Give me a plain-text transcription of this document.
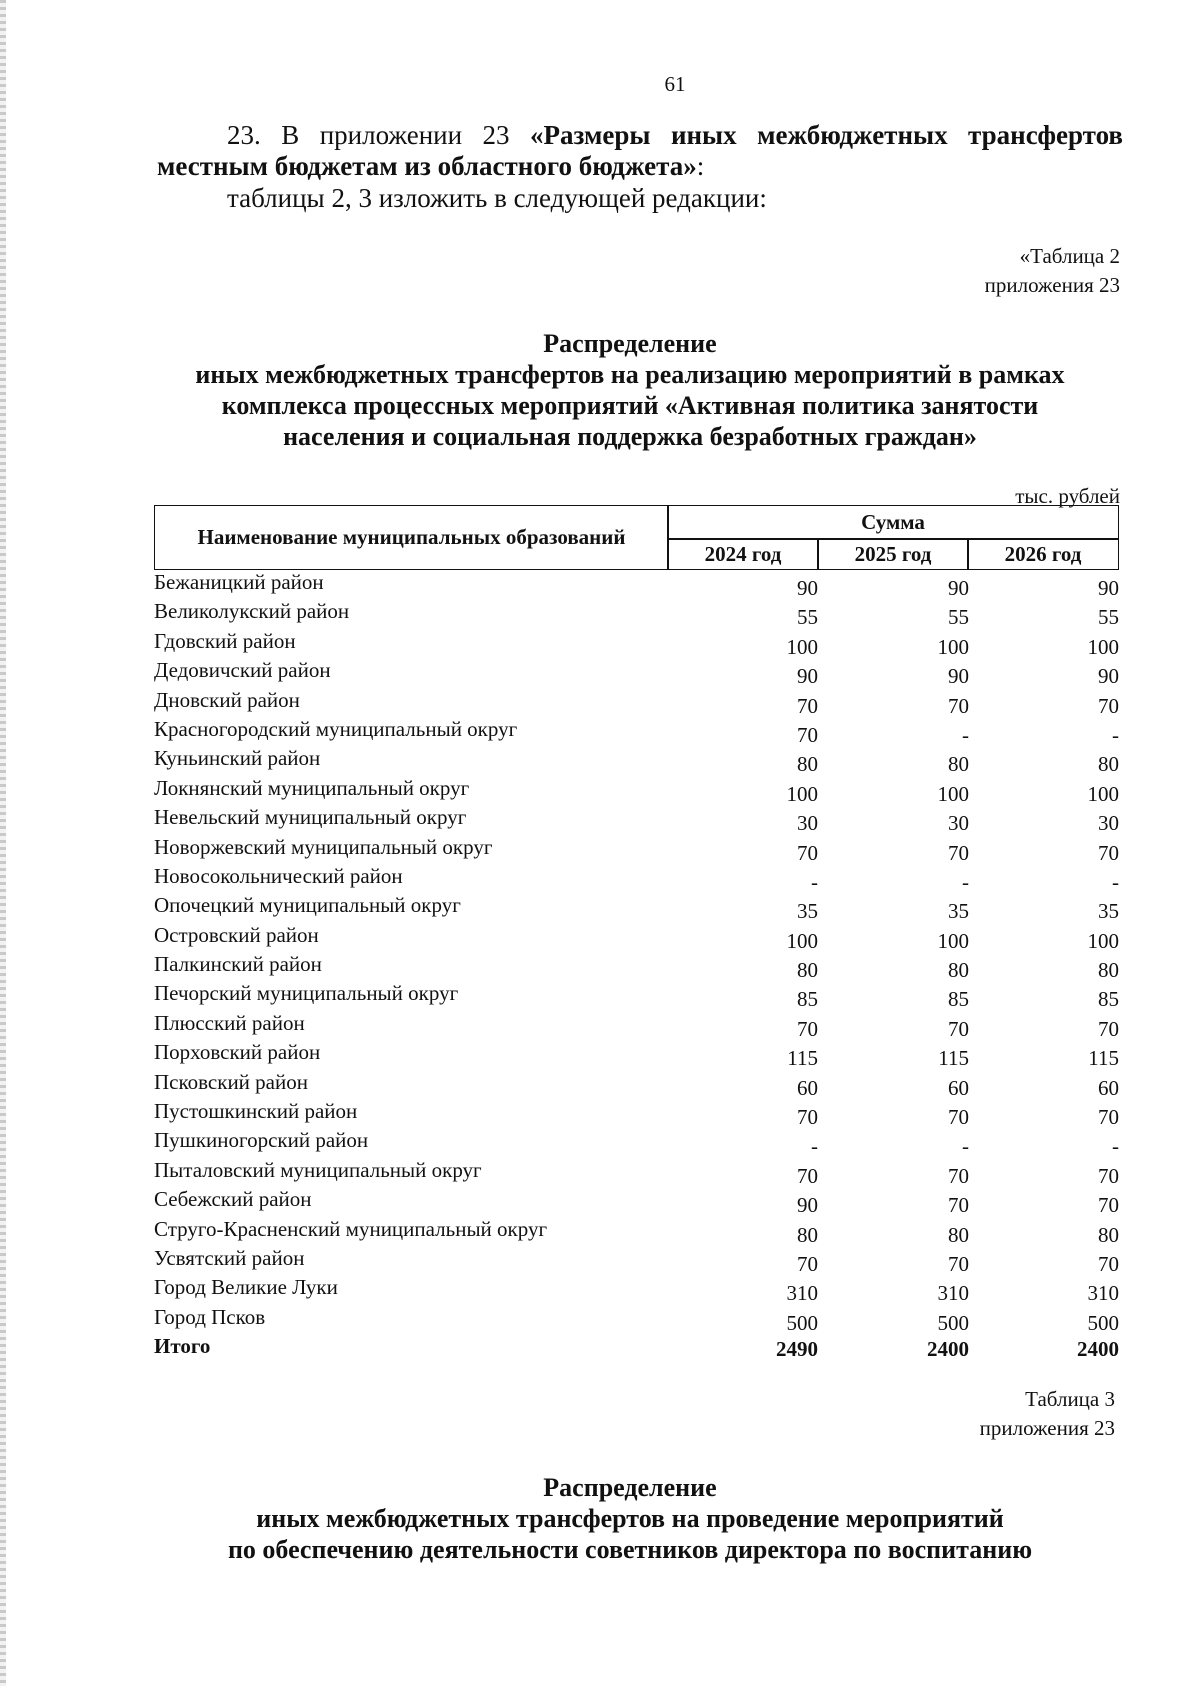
61
23. В приложении 23 «Размеры иных межбюджетных трансфертов местным бюджетам из областного бюджета»:
таблицы 2, 3 изложить в следующей редакции:
«Таблица 2
приложения 23
Распределение
иных межбюджетных трансфертов на реализацию мероприятий в рамках
комплекса процессных мероприятий «Активная политика занятости
населения и социальная поддержка безработных граждан»
тыс. рублей
Наименование муниципальных образований
Сумма
2024 год	2025 год	2026 год
Бежаницкий район	90	90	90
Великолукский район	55	55	55
Гдовский район	100	100	100
Дедовичский район	90	90	90
Дновский район	70	70	70
Красногородский муниципальный округ	70	-	-
Куньинский район	80	80	80
Локнянский муниципальный округ	100	100	100
Невельский муниципальный округ	30	30	30
Новоржевский муниципальный округ	70	70	70
Новосокольнический район	-	-	-
Опочецкий муниципальный округ	35	35	35
Островский район	100	100	100
Палкинский район	80	80	80
Печорский муниципальный округ	85	85	85
Плюсский район	70	70	70
Порховский район	115	115	115
Псковский район	60	60	60
Пустошкинский район	70	70	70
Пушкиногорский район	-	-	-
Пыталовский муниципальный округ	70	70	70
Себежский район	90	70	70
Струго-Красненский муниципальный округ	80	80	80
Усвятский район	70	70	70
Город Великие Луки	310	310	310
Город Псков	500	500	500
Итого	2490	2400	2400
Таблица 3
приложения 23
Распределение
иных межбюджетных трансфертов на проведение мероприятий
по обеспечению деятельности советников директора по воспитанию
